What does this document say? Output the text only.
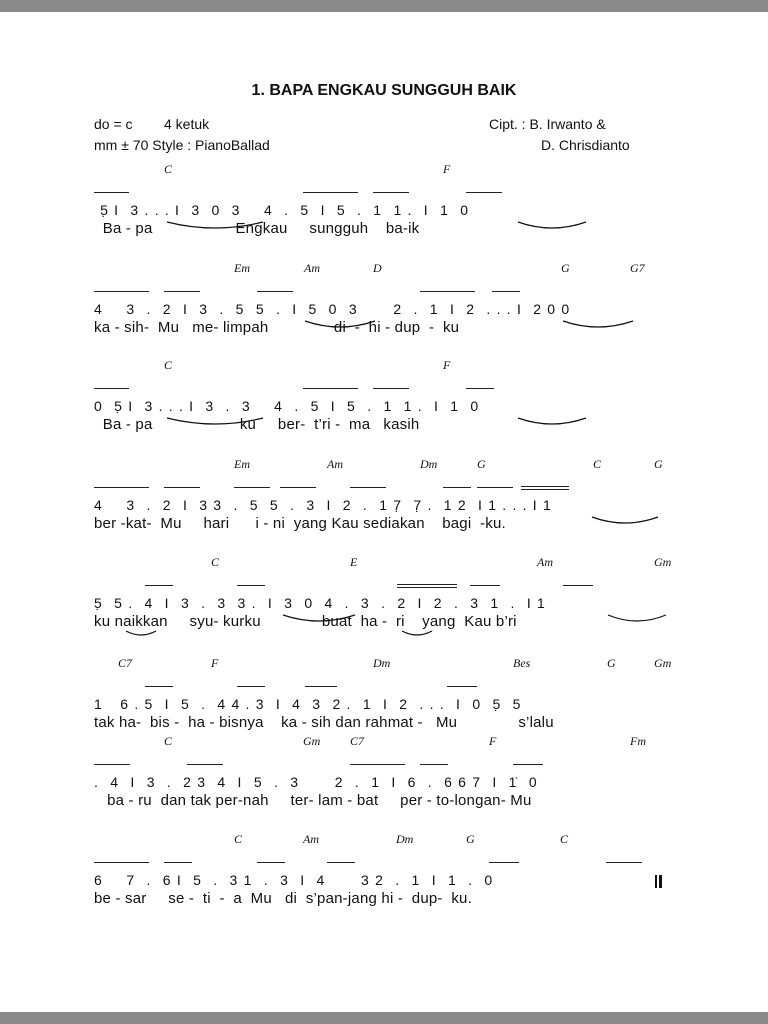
1. BAPA ENGKAU SUNGGUH BAIK
do = c 4 ketuk
mm ± 70 Style : PianoBallad
Cipt. : B. Irwanto &
D. Chrisdianto
C	F
5̣ I  3 . . . I  3  0  3    4  .  5  I  5  .  1  1 .  I  1  0
Ba - pa                   Engkau     sungguh    ba-ik
Em	Am	D	G	G7
4    3  .  2  I  3  .  5  5  .  I  5  0  3      2  .  1  I  2  . . . I  2 0 0
ka - sih-  Mu   me- limpah               di  -  hi - dup  -  ku
C	F
0  5̣ I  3 . . . I  3  .  3    4  .  5  I  5  .  1  1 .  I  1  0
Ba - pa                    ku     ber-  t’ri -  ma   kasih
Em	Am	Dm	G	C	G
4    3  .  2  I  3 3  .  5  5  .  3  I  2  .  1 7̣  7̣ .  1 2  I 1 . . . I 1
ber -kat-  Mu     hari      i - ni  yang Kau sediakan    bagi  -ku.
C	E	Am	Gm
5̣  5 .  4  I  3  .  3  3 .  I  3  0  4  .  3  .  2  I  2  .  3  1  .  I 1
ku naikkan     syu- kurku              buat  ha -  ri    yang  Kau b’ri
C7	F	Dm	Bes	G	Gm
1   6 . 5  I  5  .  4 4 . 3  I  4  3  2 .  1  I  2  . . .  I  0  5̣  5
tak ha-  bis -  ha - bisnya    ka - sih dan rahmat -   Mu              s’lalu
C	Gm C7	F	Fm
.  4  I  3  .  2 3  4  I  5  .  3      2  .  1  I  6  .  6 6 7  I  1̇  0
ba - ru  dan tak per-nah     ter- lam - bat     per - to-longan- Mu
C	Am	Dm	G	C
6    7  .  6 I  5  .  3 1  .  3  I  4      3 2  .  1  I  1  .  0
be - sar     se -  ti  -  a  Mu   di  s’pan-jang hi -  dup-  ku.
